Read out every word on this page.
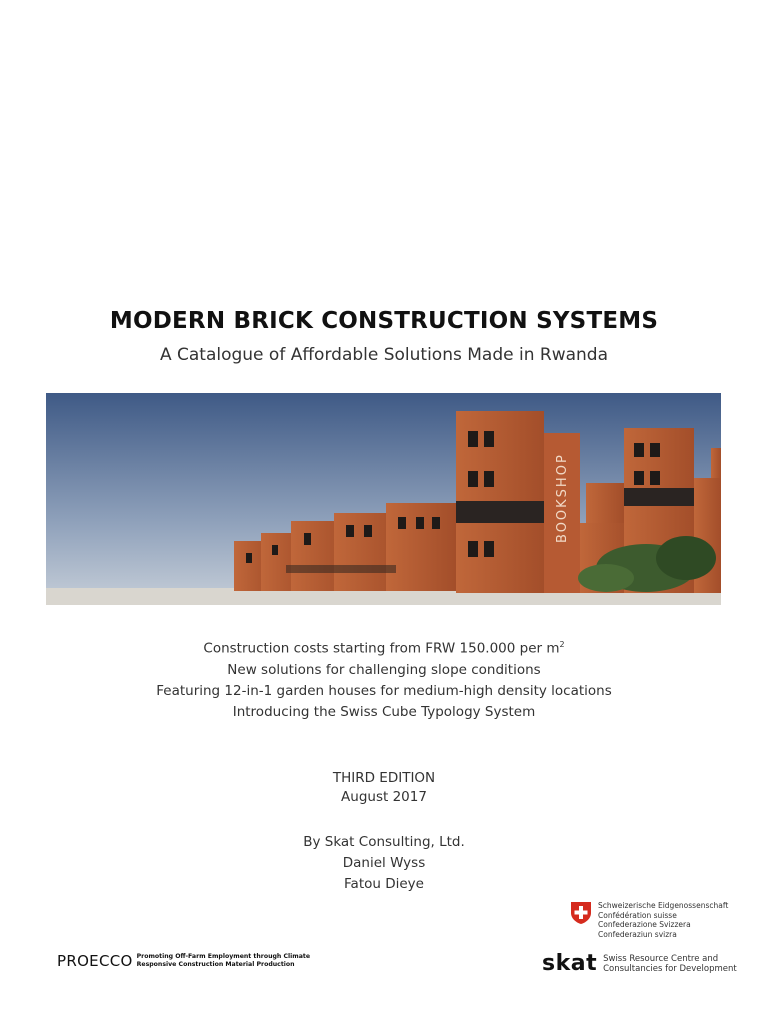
MODERN BRICK CONSTRUCTION SYSTEMS
A Catalogue of Affordable Solutions Made in Rwanda
BOOKSHOP
Construction costs starting from FRW 150.000 per $m^2$
New solutions for challenging slope conditions
Featuring 12-in-1 garden houses for medium-high density locations
Introducing the Swiss Cube Typology System
THIRD EDITION
August 2017
By Skat Consulting, Ltd.
Daniel Wyss
Fatou Dieye
PROECCO Promoting Off-Farm Employment through Climate
Responsive Construction Material Production
Schweizerische Eidgenossenschaft
Confédération suisse
Confederazione Svizzera
Confederaziun svizra
skat Swiss Resource Centre and
Consultancies for Development
